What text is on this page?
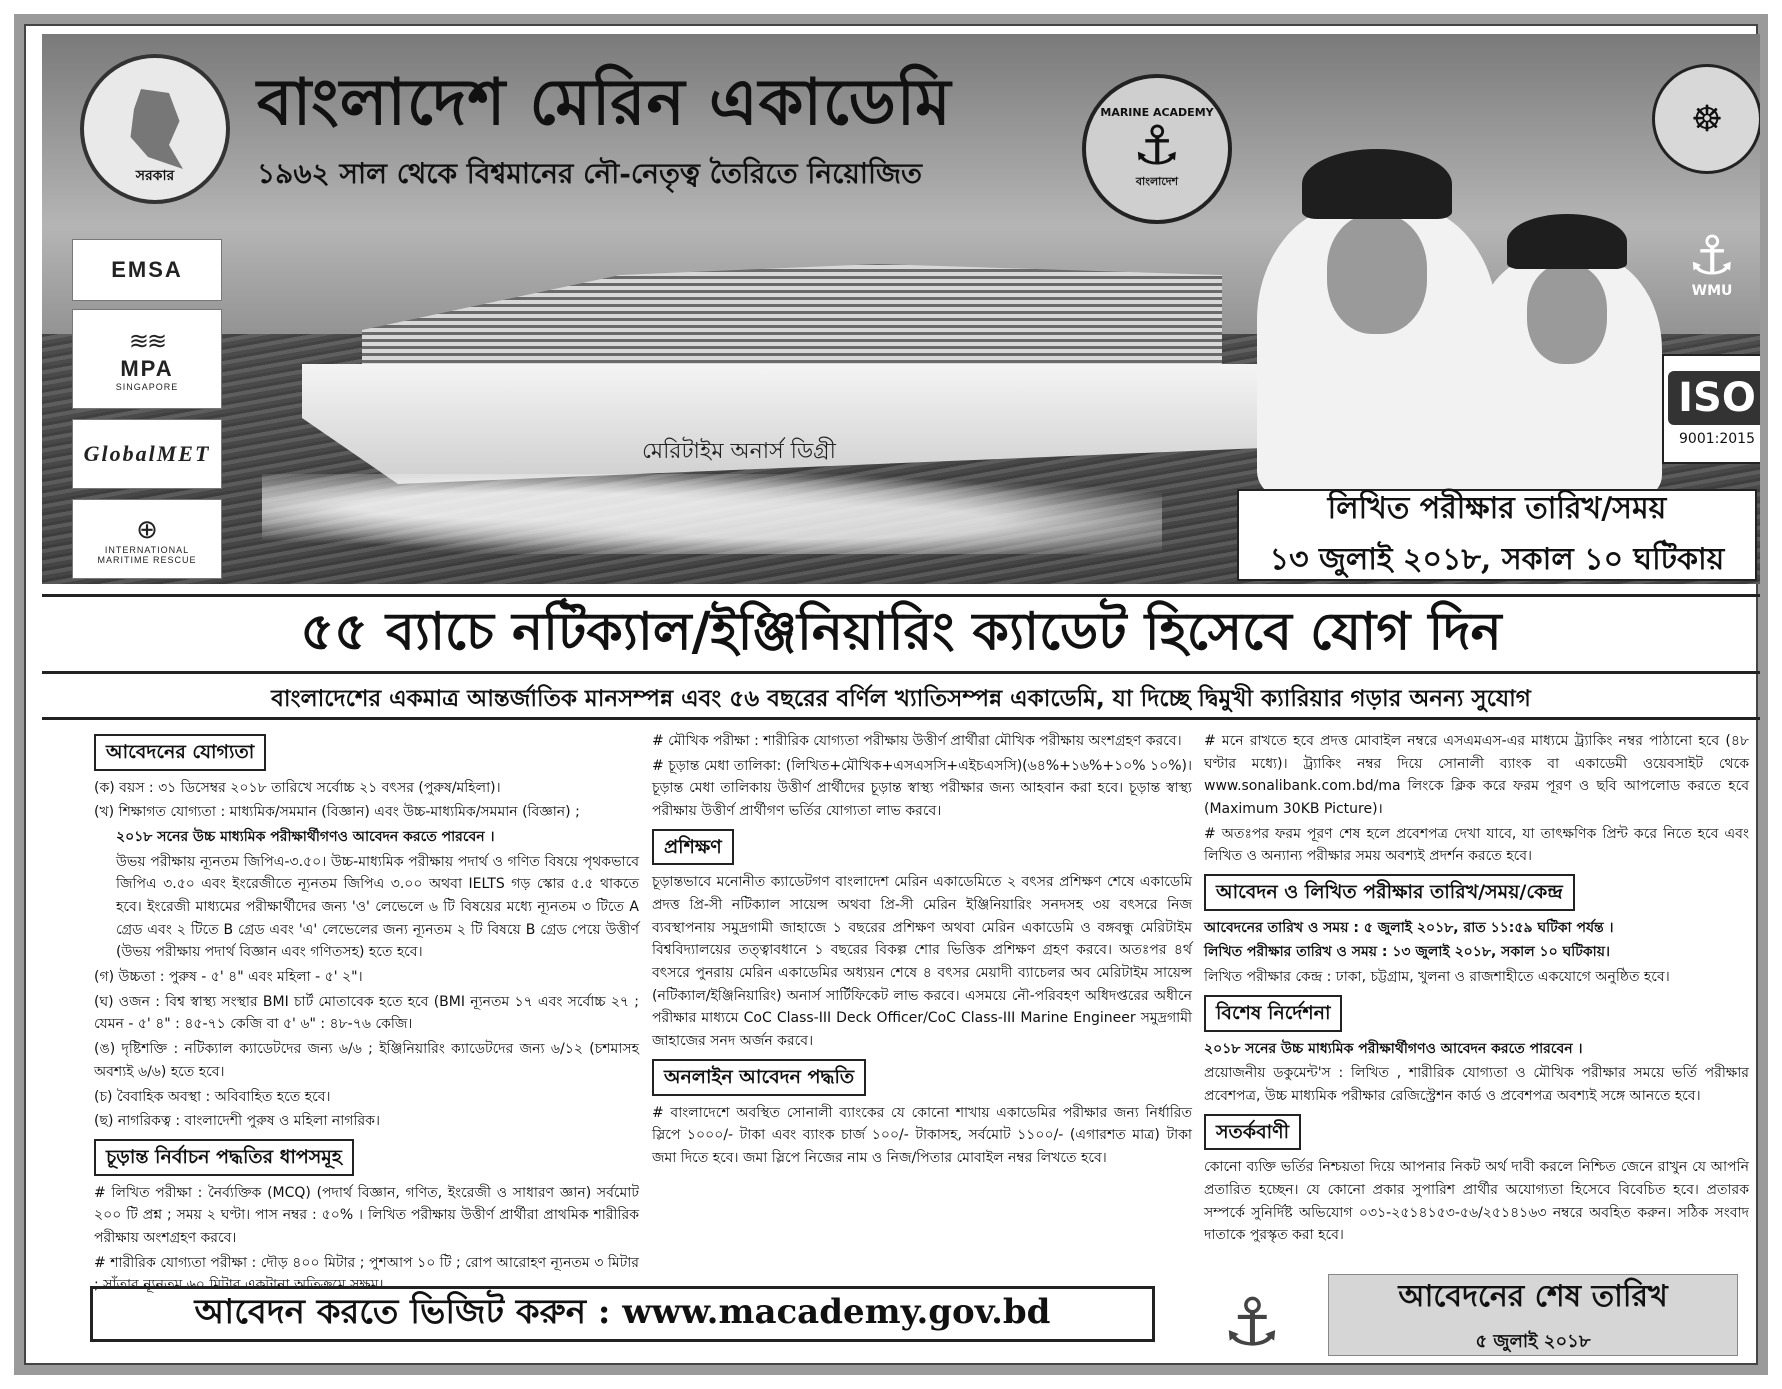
মেরিটাইম অনার্স ডিগ্রী
সরকার
বাংলাদেশ মেরিন একাডেমি
১৯৬২ সাল থেকে বিশ্বমানের নৌ-নেতৃত্ব তৈরিতে নিয়োজিত
MARINE ACADEMY
⚓
বাংলাদেশ
☸
⚓
WMU
ISO
9001:2015
EMSA
≋≋
MPA
SINGAPORE
GlobalMET
⊕
INTERNATIONAL
MARITIME RESCUE
লিখিত পরীক্ষার তারিখ/সময়
১৩ জুলাই ২০১৮, সকাল ১০ ঘটিকায়
৫৫ ব্যাচে নটিক্যাল/ইঞ্জিনিয়ারিং ক্যাডেট হিসেবে যোগ দিন
বাংলাদেশের একমাত্র আন্তর্জাতিক মানসম্পন্ন এবং ৫৬ বছরের বর্ণিল খ্যাতিসম্পন্ন একাডেমি, যা দিচ্ছে দ্বিমুখী ক্যারিয়ার গড়ার অনন্য সুযোগ
আবেদনের যোগ্যতা
(ক) বয়স : ৩১ ডিসেম্বর ২০১৮ তারিখে সর্বোচ্চ ২১ বৎসর (পুরুষ/মহিলা)।
(খ) শিক্ষাগত যোগ্যতা : মাধ্যমিক/সমমান (বিজ্ঞান) এবং উচ্চ-মাধ্যমিক/সমমান (বিজ্ঞান) ;
২০১৮ সনের উচ্চ মাধ্যমিক পরীক্ষার্থীগণও আবেদন করতে পারবেন ।
উভয় পরীক্ষায় ন্যূনতম জিপিএ-৩.৫০। উচ্চ-মাধ্যমিক পরীক্ষায় পদার্থ ও গণিত বিষয়ে পৃথকভাবে জিপিএ ৩.৫০ এবং ইংরেজীতে ন্যূনতম জিপিএ ৩.০০ অথবা IELTS গড় স্কোর ৫.৫ থাকতে হবে। ইংরেজী মাধ্যমের পরীক্ষার্থীদের জন্য 'ও' লেভেলে ৬ টি বিষয়ের মধ্যে ন্যূনতম ৩ টিতে A গ্রেড এবং ২ টিতে B গ্রেড এবং 'এ' লেভেলের জন্য ন্যূনতম ২ টি বিষয়ে B গ্রেড পেয়ে উত্তীর্ণ (উভয় পরীক্ষায় পদার্থ বিজ্ঞান এবং গণিতসহ) হতে হবে।
(গ) উচ্চতা : পুরুষ - ৫' ৪" এবং মহিলা - ৫' ২"।
(ঘ) ওজন : বিশ্ব স্বাস্থ্য সংস্থার BMI চার্ট মোতাবেক হতে হবে (BMI ন্যূনতম ১৭ এবং সর্বোচ্চ ২৭ ; যেমন - ৫' ৪" : ৪৫-৭১ কেজি বা ৫' ৬" : ৪৮-৭৬ কেজি।
(ঙ) দৃষ্টিশক্তি : নটিক্যাল ক্যাডেটদের জন্য ৬/৬ ; ইঞ্জিনিয়ারিং ক্যাডেটদের জন্য ৬/১২ (চশমাসহ অবশ্যই ৬/৬) হতে হবে।
(চ) বৈবাহিক অবস্থা : অবিবাহিত হতে হবে।
(ছ) নাগরিকত্ব : বাংলাদেশী পুরুষ ও মহিলা নাগরিক।
চূড়ান্ত নির্বাচন পদ্ধতির ধাপসমূহ
# লিখিত পরীক্ষা : নৈর্ব্যক্তিক (MCQ) (পদার্থ বিজ্ঞান, গণিত, ইংরেজী ও সাধারণ জ্ঞান) সর্বমোট ২০০ টি প্রশ্ন ; সময় ২ ঘণ্টা। পাস নম্বর : ৫০% । লিখিত পরীক্ষায় উত্তীর্ণ প্রার্থীরা প্রাথমিক শারীরিক পরীক্ষায় অংশগ্রহণ করবে।
# শারীরিক যোগ্যতা পরীক্ষা : দৌড় ৪০০ মিটার ; পুশআপ ১০ টি ; রোপ আরোহণ ন্যূনতম ৩ মিটার ; সাঁতার ন্যূনতম ৬০ মিটার একটানা অতিক্রমে সক্ষম।
# মৌখিক পরীক্ষা : শারীরিক যোগ্যতা পরীক্ষায় উত্তীর্ণ প্রার্থীরা মৌখিক পরীক্ষায় অংশগ্রহণ করবে।
# চূড়ান্ত মেধা তালিকা: (লিখিত+মৌখিক+এসএসসি+এইচএসসি)(৬৪%+১৬%+১০% ১০%)। চূড়ান্ত মেধা তালিকায় উত্তীর্ণ প্রার্থীদের চূড়ান্ত স্বাস্থ্য পরীক্ষার জন্য আহবান করা হবে। চূড়ান্ত স্বাস্থ্য পরীক্ষায় উত্তীর্ণ প্রার্থীগণ ভর্তির যোগ্যতা লাভ করবে।
প্রশিক্ষণ
চূড়ান্তভাবে মনোনীত ক্যাডেটগণ বাংলাদেশ মেরিন একাডেমিতে ২ বৎসর প্রশিক্ষণ শেষে একাডেমি প্রদত্ত প্রি-সী নটিক্যাল সায়েন্স অথবা প্রি-সী মেরিন ইঞ্জিনিয়ারিং সনদসহ ৩য় বৎসরে নিজ ব্যবস্থাপনায় সমুদ্রগামী জাহাজে ১ বছরের প্রশিক্ষণ অথবা মেরিন একাডেমি ও বঙ্গবন্ধু মেরিটাইম বিশ্ববিদ্যালয়ের তত্ত্বাবধানে ১ বছরের বিকল্প শোর ভিত্তিক প্রশিক্ষণ গ্রহণ করবে। অতঃপর ৪র্থ বৎসরে পুনরায় মেরিন একাডেমির অধ্যয়ন শেষে ৪ বৎসর মেয়াদী ব্যাচেলর অব মেরিটাইম সায়েন্স (নটিক্যাল/ইঞ্জিনিয়ারিং) অনার্স সার্টিফিকেট লাভ করবে। এসময়ে নৌ-পরিবহণ অধিদপ্তরের অধীনে পরীক্ষার মাধ্যমে CoC Class-III Deck Officer/CoC Class-III Marine Engineer সমুদ্রগামী জাহাজের সনদ অর্জন করবে।
অনলাইন আবেদন পদ্ধতি
# বাংলাদেশে অবস্থিত সোনালী ব্যাংকের যে কোনো শাখায় একাডেমির পরীক্ষার জন্য নির্ধারিত স্লিপে ১০০০/- টাকা এবং ব্যাংক চার্জ ১০০/- টাকাসহ, সর্বমোট ১১০০/- (এগারশত মাত্র) টাকা জমা দিতে হবে। জমা স্লিপে নিজের নাম ও নিজ/পিতার মোবাইল নম্বর লিখতে হবে।
# মনে রাখতে হবে প্রদত্ত মোবাইল নম্বরে এসএমএস-এর মাধ্যমে ট্র্যাকিং নম্বর পাঠানো হবে (৪৮ ঘণ্টার মধ্যে)। ট্র্যাকিং নম্বর দিয়ে সোনালী ব্যাংক বা একাডেমী ওয়েবসাইট থেকে www.sonalibank.com.bd/ma লিংকে ক্লিক করে ফরম পূরণ ও ছবি আপলোড করতে হবে (Maximum 30KB Picture)।
# অতঃপর ফরম পূরণ শেষ হলে প্রবেশপত্র দেখা যাবে, যা তাৎক্ষণিক প্রিন্ট করে নিতে হবে এবং লিখিত ও অন্যান্য পরীক্ষার সময় অবশ্যই প্রদর্শন করতে হবে।
আবেদন ও লিখিত পরীক্ষার তারিখ/সময়/কেন্দ্র
আবেদনের তারিখ ও সময় : ৫ জুলাই ২০১৮, রাত ১১:৫৯ ঘটিকা পর্যন্ত ।
লিখিত পরীক্ষার তারিখ ও সময় : ১৩ জুলাই ২০১৮, সকাল ১০ ঘটিকায়।
লিখিত পরীক্ষার কেন্দ্র : ঢাকা, চট্টগ্রাম, খুলনা ও রাজশাহীতে একযোগে অনুষ্ঠিত হবে।
বিশেষ নির্দেশনা
২০১৮ সনের উচ্চ মাধ্যমিক পরীক্ষার্থীগণও আবেদন করতে পারবেন ।
প্রয়োজনীয় ডকুমেন্ট'স : লিখিত , শারীরিক যোগ্যতা ও মৌখিক পরীক্ষার সময়ে ভর্তি পরীক্ষার প্রবেশপত্র, উচ্চ মাধ্যমিক পরীক্ষার রেজিস্ট্রেশন কার্ড ও প্রবেশপত্র অবশ্যই সঙ্গে আনতে হবে।
সতর্কবাণী
কোনো ব্যক্তি ভর্তির নিশ্চয়তা দিয়ে আপনার নিকট অর্থ দাবী করলে নিশ্চিত জেনে রাখুন যে আপনি প্রতারিত হচ্ছেন। যে কোনো প্রকার সুপারিশ প্রার্থীর অযোগ্যতা হিসেবে বিবেচিত হবে। প্রতারক সম্পর্কে সুনির্দিষ্ট অভিযোগ ০৩১-২৫১৪১৫৩-৫৬/২৫১৪১৬৩ নম্বরে অবহিত করুন। সঠিক সংবাদ দাতাকে পুরস্কৃত করা হবে।
আবেদন করতে ভিজিট করুন : www.macademy.gov.bd	⚓	আবেদনের শেষ তারিখ
৫ জুলাই ২০১৮
